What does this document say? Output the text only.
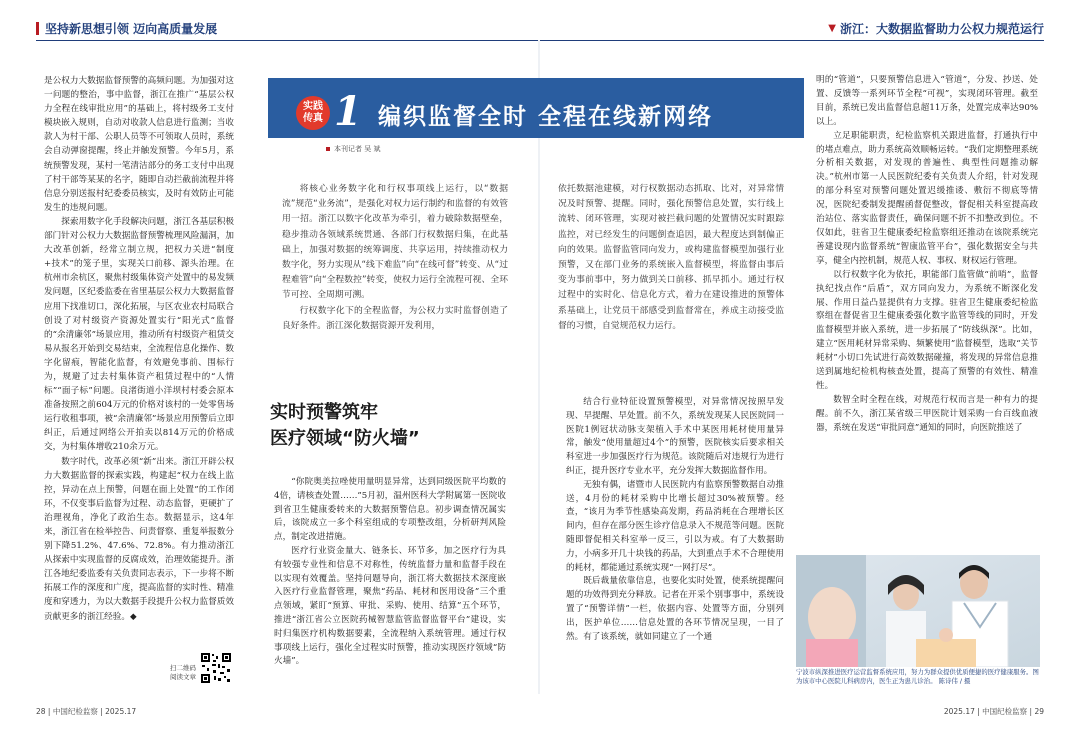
坚持新思想引领 迈向高质量发展	▼ 浙江：大数据监督助力公权力规范运行

是公权力大数据监督预警的高频问题。为加强对这一问题的整治，事中监督，浙江在推广“基层公权力全程在线审批应用”的基础上，将村级务工支付模块嵌入规则，自动对收款人信息进行监测；当收款人为村干部、公职人员等不可领取人员时，系统会自动弹窗提醒，终止并触发预警。今年5月，系统预警发现，某村一笔清洁部分的务工支付中出现了村干部等某某的名字，随即自动拦截前流程并将信息分别送报村纪委委员核实，及时有效防止可能发生的违规问题。

探索用数字化手段解决问题，浙江各基层积极部门针对公权力大数据监督预警梳理风险漏洞，加大改革创新，经常立制立规，把权力关进“制度+技术”的笼子里，实现关口前移、源头治理。在杭州市余杭区，聚焦村级集体资产处置中的易发频发问题，区纪委监委在省里基层公权力大数据监督应用下找准切口，深化拓展，与区农业农村局联合创设了对村级资产资源处置实行“阳光式”监督的“余清廉邻”场景应用，推动所有村级资产租赁交易从报名开始到交易结束，全流程信息化操作、数字化留痕，智能化监督，有效避免事前、围标行为，规避了过去村集体资产租赁过程中的“人情标”“面子标”问题。良渚街道小洋坝村村委会原本准备按照之前604万元的价格对该村的一处零售场运行收租事项，被“余清廉邻”场景应用预警后立即纠正，后通过网络公开拍卖以814万元的价格成交，为村集体增收210余万元。

数字时代，改革必须“新”出来。浙江开辟公权力大数据监督的探索实践，构建起“权力在线上监控，异动在点上预警，问题在面上处置”的工作闭环，不仅变事后监督为过程、动态监督，更硬扩了治理视角，净化了政治生态。数据显示，这4年来，浙江省在检举控告、问责督察、重复举报数分别下降51.2%、47.6%、72.8%。有力推动浙江从探索中实现监督的反腐成效，治理效能提升。浙江各地纪委监委有关负责同志表示，下一步将不断拓展工作的深度和广度，提高监督的实时性、精准度和穿透力，为以大数据手段提升公权力监督质效贡献更多的浙江经验。◆

实践
传真 1 编织监督全时 全程在线新网络
本刊记者 吴 斌

将核心业务数字化和行权事项线上运行，以“数据流”规范“业务流”，是强化对权力运行制约和监督的有效管用一招。浙江以数字化改革为牵引，着力破除数据壁垒，稳步推动各领域系统贯通、各部门行权数据归集，在此基础上，加强对数据的统筹调度、共享运用，持续推动权力数字化，努力实现从“线下难监”向“在线可督”转变、从“过程难管”向“全程数控”转变，使权力运行全流程可视、全环节可控、全周期可溯。

行权数字化下的全程监督，为公权力实时监督创造了良好条件。浙江深化数据资源开发利用，

依托数据池建模，对行权数据动态抓取、比对，对异常情况及时预警、提醒。同时，强化预警信息处置，实行线上流转、闭环管理，实现对被拦截问题的处置情况实时跟踪监控，对已经发生的问题倒查追因，最大程度达到制偏正向的效果。监督监管同向发力，或构建监督模型加强行业预警，又在部门业务的系统嵌入监督模型，将监督由事后变为事前事中，努力做到关口前移、抓早抓小。通过行权过程中的实时化、信息化方式，着力在建设推进的预警体系基础上，让党员干部感受到监督常在，养成主动接受监督的习惯，自觉规范权力运行。

实时预警筑牢
医疗领域“防火墙”

“你院奥美拉唑使用量明显异常，达到同级医院平均数的4倍，请核查处置……”5月初，温州医科大学附属第一医院收到省卫生健康委转来的大数据预警信息。初步调查情况属实后，该院成立一多个科室组成的专项整改组，分析研判风险点，制定改进措施。

医疗行业资金量大、链条长、环节多，加之医疗行为具有较强专业性和信息不对称性，传统监督力量和监督手段在以实现有效覆盖。坚持问题导向，浙江将大数据技术深度嵌入医疗行业监督管理，聚焦“药品、耗材和医用设备”三个重点领域，紧盯“预算、审批、采购、使用、结算”五个环节，推进“浙江省公立医院药械智慧监管监督监督平台”建设，实时归集医疗机构数据要素，全流程纳入系统管理。通过行权事项线上运行，强化全过程实时预警，推动实现医疗领域“防火墙”。

结合行业特征设置预警模型，对异常情况按照早发现、早提醒、早处置。前不久，系统发现某人民医院同一医院1例冠状动脉支架植入手术中某医用耗材使用量异常，触发“使用量超过4个”的预警，医院核实后要求相关科室进一步加强医疗行为规范。该院随后对违规行为进行纠正，提升医疗专业水平，充分发挥大数据监督作用。

无独有偶，诸暨市人民医院内有监察预警数据自动推送，4月份的耗材采购中比增长超过30%被预警。经查，“该月为季节性感染高发期，药品消耗在合理增长区间内，但存在部分医生诊疗信息录入不规范等问题。医院随即督促相关科室举一反三，引以为戒。有了大数据助力，小病多开几十块钱的药品，大到重点手术不合理使用的耗材，都能通过系统实现“一网打尽”。

既后裁量依靠信息，也要化实时处置，使系统提醒问题的功效得到充分释放。记者在开采个别事事中，系统设置了“预警详情”一栏，依据内容、处置等方面，分别列出，医护单位……信息处置的各环节情况呈现，一目了然。有了该系统，就如同建立了一个通

明的“管道”，只要预警信息进入“管道”，分发、抄送、处置、反馈等一系列环节全程“可视”，实现闭环管理。截至目前，系统已发出监督信息超11万条，处置完成率达90%以上。

立足职能职责，纪检监察机关跟进监督，打通执行中的堵点难点，助力系统高效顺畅运转。“我们定期整理系统分析相关数据，对发现的普遍性、典型性问题推动解决。”杭州市第一人民医院纪委有关负责人介绍，针对发现的部分科室对预警问题处置迟缓推诿、敷衍不彻底等情况，医院纪委制发提醒函督促整改，督促相关科室提高政治站位、落实监督责任，确保问题不折不扣整改到位。不仅如此，驻省卫生健康委纪检监察组还推动在该院系统完善建设现内监督系统“智康监管平台”，强化数据安全与共享，健全内控机制，规范人权、事权、财权运行管理。

以行权数字化为依托，职能部门监管做“前哨”，监督执纪找点作“后盾”，双方同向发力，为系统不断深化发展、作用日益凸显提供有力支撑。驻省卫生健康委纪检监察组在督促省卫生健康委强化数字监管等线的同时，开发监督模型并嵌入系统，进一步拓展了“防线纵深”。比如，建立“医用耗材异常采购、频繁使用”监督模型，选取“关节耗材”小切口先试进行高效数据碰撞，将发现的异常信息推送到属地纪检机构核查处置，提高了预警的有效性、精准性。

数智全时全程在线，对规范行权而言是一种有力的提醒。前不久，浙江某省级三甲医院计划采购一台百线血液器，系统在发送“审批同意”通知的同时，向医院推送了

宁波市纵深推进医疗运营监督系统应用，努力为群众提供优质便捷的医疗健康服务。图为该市中心医院儿科病房内，医生正为患儿诊治。 陈诗伟 / 摄
扫二维码
阅读文章
28 | 中国纪检监察 | 2025.17	2025.17 | 中国纪检监察 | 29
